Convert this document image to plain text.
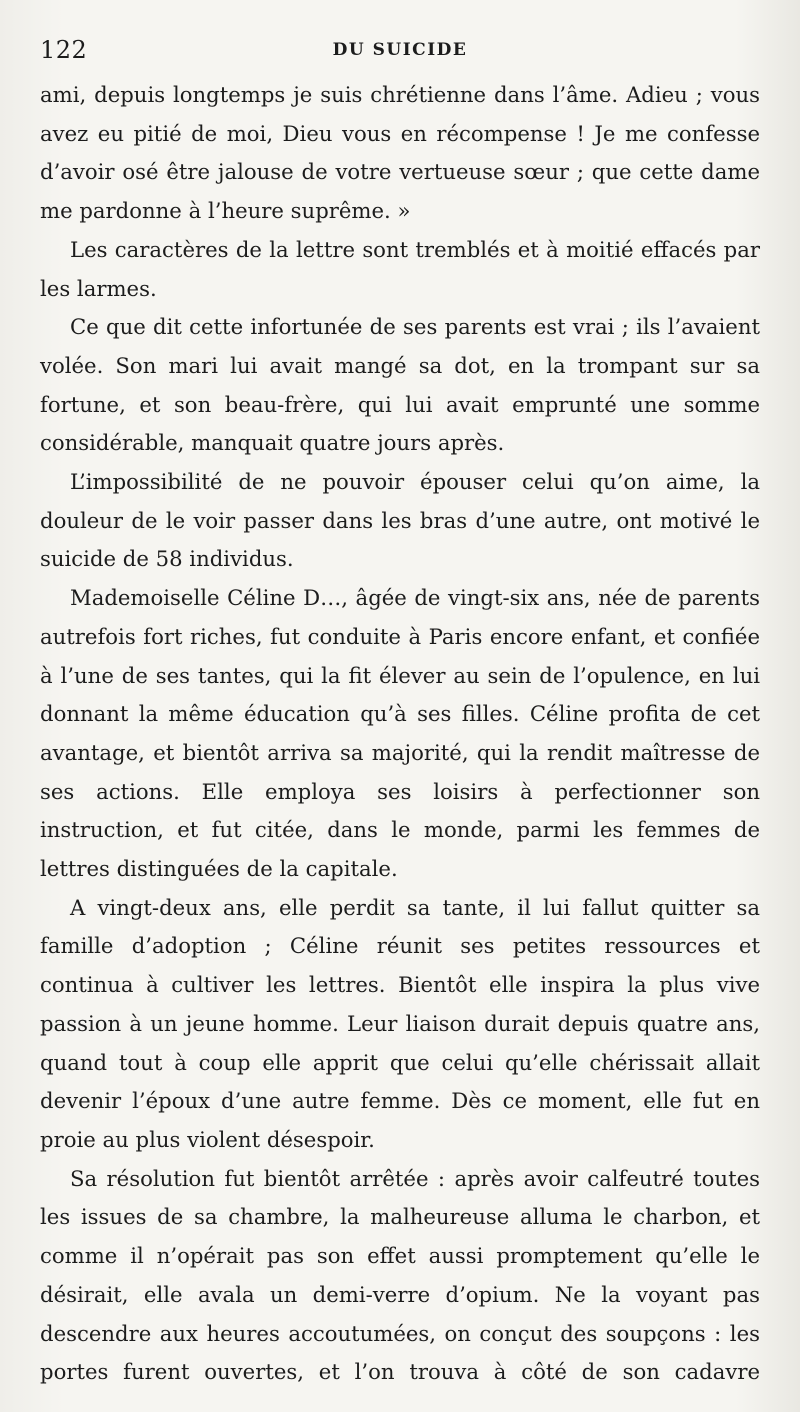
122	DU SUICIDE

ami, depuis longtemps je suis chrétienne dans l’âme. Adieu ; vous avez eu pitié de moi, Dieu vous en récompense ! Je me confesse d’avoir osé être jalouse de votre vertueuse sœur ; que cette dame me pardonne à l’heure suprême. »

Les caractères de la lettre sont tremblés et à moitié effacés par les larmes.

Ce que dit cette infortunée de ses parents est vrai ; ils l’avaient volée. Son mari lui avait mangé sa dot, en la trompant sur sa fortune, et son beau-frère, qui lui avait emprunté une somme considérable, manquait quatre jours après.

L’impossibilité de ne pouvoir épouser celui qu’on aime, la douleur de le voir passer dans les bras d’une autre, ont motivé le suicide de 58 individus.

Mademoiselle Céline D…, âgée de vingt-six ans, née de parents autrefois fort riches, fut conduite à Paris encore enfant, et confiée à l’une de ses tantes, qui la fit élever au sein de l’opulence, en lui donnant la même éducation qu’à ses filles. Céline profita de cet avantage, et bientôt arriva sa majorité, qui la rendit maîtresse de ses actions. Elle employa ses loisirs à perfectionner son instruction, et fut citée, dans le monde, parmi les femmes de lettres distinguées de la capitale.

A vingt-deux ans, elle perdit sa tante, il lui fallut quitter sa famille d’adoption ; Céline réunit ses petites ressources et continua à cultiver les lettres. Bientôt elle inspira la plus vive passion à un jeune homme. Leur liaison durait depuis quatre ans, quand tout à coup elle apprit que celui qu’elle chérissait allait devenir l’époux d’une autre femme. Dès ce moment, elle fut en proie au plus violent désespoir.

Sa résolution fut bientôt arrêtée : après avoir calfeutré toutes les issues de sa chambre, la malheureuse alluma le charbon, et comme il n’opérait pas son effet aussi promptement qu’elle le désirait, elle avala un demi-verre d’opium. Ne la voyant pas descendre aux heures accoutumées, on conçut des soupçons : les portes furent ouvertes, et l’on trouva à côté de son cadavre
